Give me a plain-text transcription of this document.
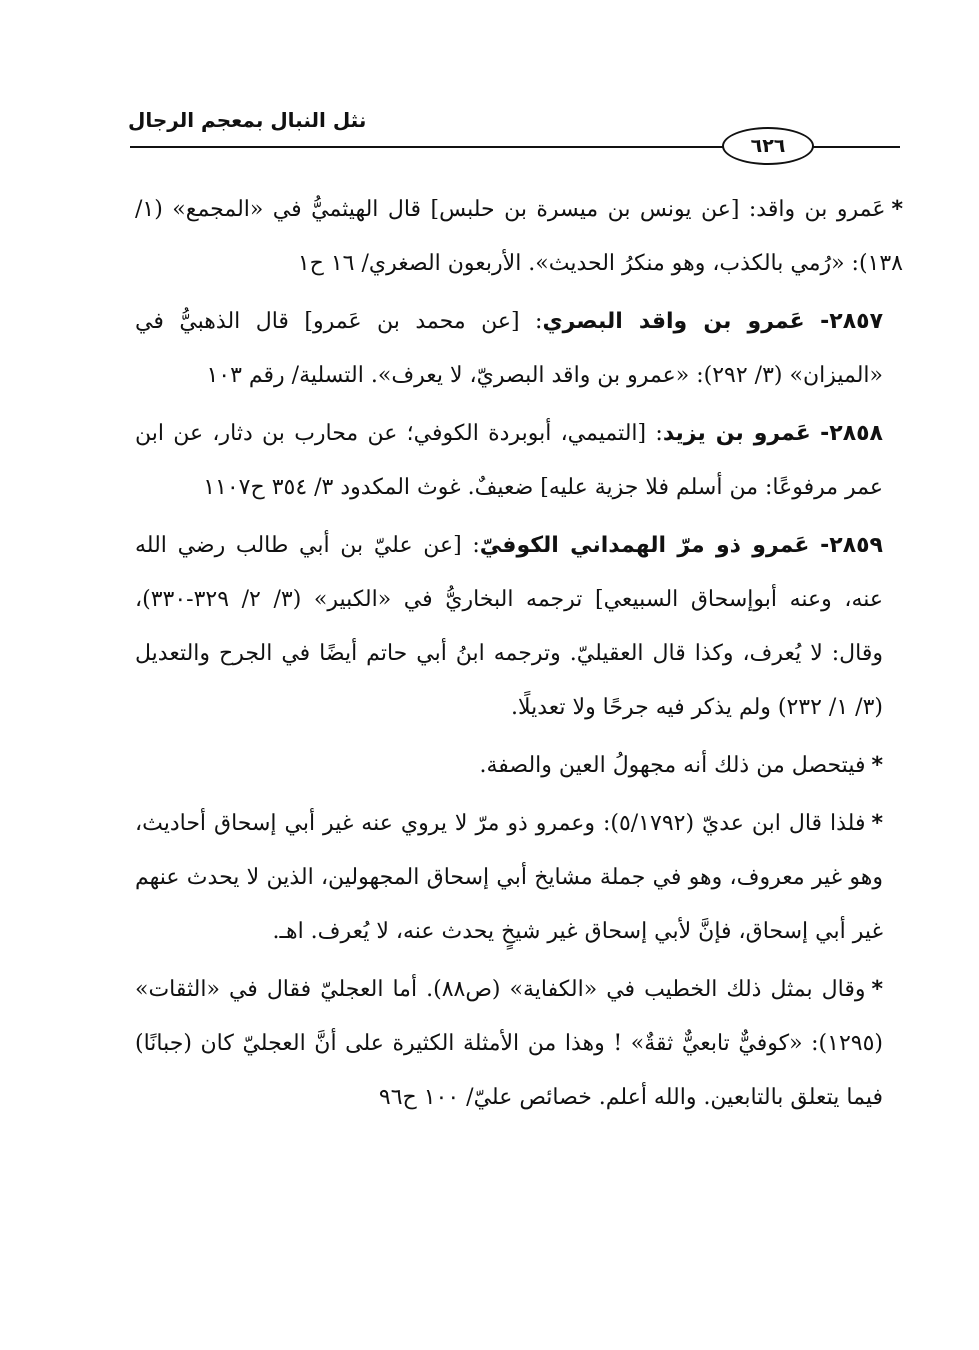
نثل النبال بمعجم الرجال
٦٢٦

*عَمرو بن واقد: [عن يونس بن ميسرة بن حلبس] قال الهيثميُّ في «المجمع» (١/ ١٣٨): «رُمي بالكذب، وهو منكرُ الحديث». الأربعون الصغري/ ١٦ ح١

٢٨٥٧- عَمرو بن واقد البصري: [عن محمد بن عَمرو] قال الذهبيُّ في «الميزان» (٣/ ٢٩٢): «عمرو بن واقد البصريّ، لا يعرف». التسلية/ رقم ١٠٣

٢٨٥٨- عَمرو بن يزيد: [التميمي، أبوبردة الكوفي؛ عن محارب بن دثار، عن ابن عمر مرفوعًا: من أسلم فلا جزية عليه] ضعيفٌ. غوث المكدود ٣/ ٣٥٤ ح١١٠٧

٢٨٥٩- عَمرو ذو مرّ الهمداني الكوفيّ: [عن عليّ بن أبي طالب رضي الله عنه، وعنه أبوإسحاق السبيعي] ترجمه البخاريُّ في «الكبير» (٣/ ٢/ ٣٢٩-٣٣٠)، وقال: لا يُعرف، وكذا قال العقيليّ. وترجمه ابنُ أبي حاتم أيضًا في الجرح والتعديل (٣/ ١/ ٢٣٢) ولم يذكر فيه جرحًا ولا تعديلًا.

*فيتحصل من ذلك أنه مجهولُ العين والصفة.

*فلذا قال ابن عديّ (٥/١٧٩٢): وعمرو ذو مرّ لا يروي عنه غير أبي إسحاق أحاديث، وهو غير معروف، وهو في جملة مشايخ أبي إسحاق المجهولين، الذين لا يحدث عنهم غير أبي إسحاق، فإنَّ لأبي إسحاق غير شيخٍ يحدث عنه، لا يُعرف. اهـ.

*وقال بمثل ذلك الخطيب في «الكفاية» (ص٨٨). أما العجليّ فقال في «الثقات» (١٢٩٥): «كوفيٌّ تابعيٌّ ثقةٌ» ! وهذا من الأمثلة الكثيرة على أنَّ العجليّ كان (جبانًا) فيما يتعلق بالتابعين. والله أعلم. خصائص عليّ/ ١٠٠ ح٩٦
